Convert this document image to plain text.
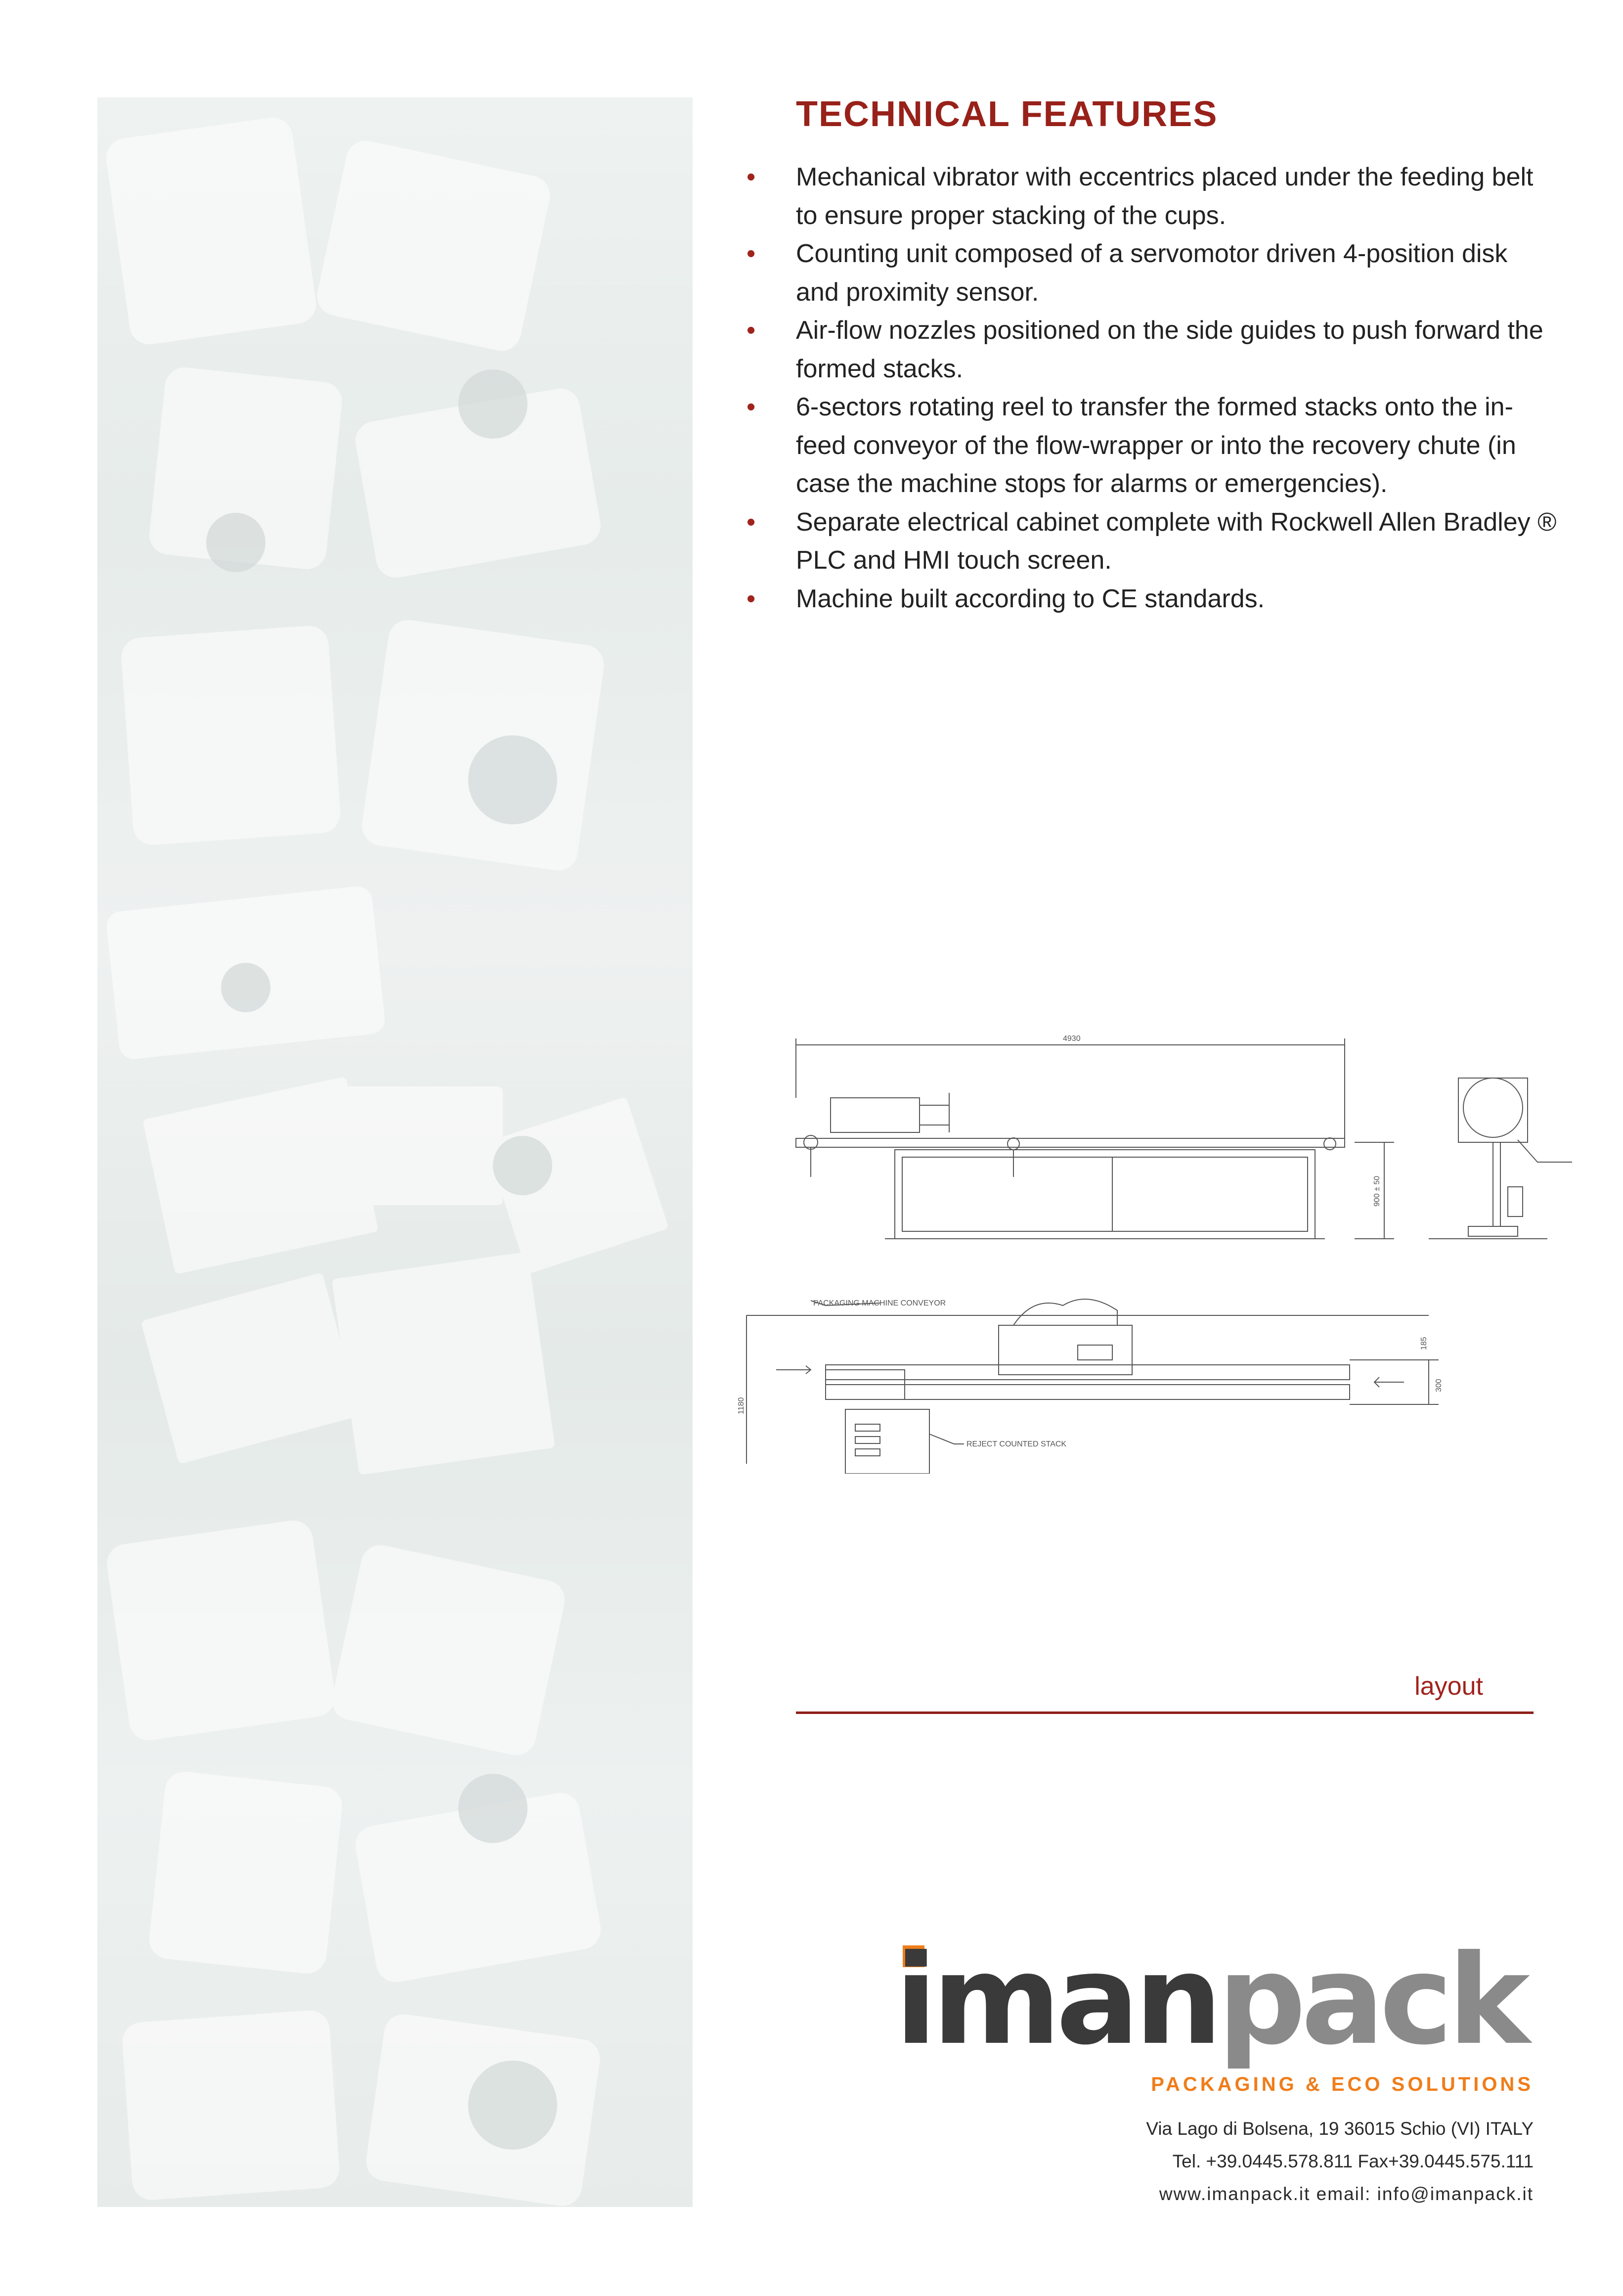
TECHNICAL FEATURES
• Mechanical vibrator with eccentrics placed under the feeding belt to ensure proper stacking of the cups.
• Counting unit composed of a servomotor driven 4-position disk and proximity sensor.
• Air-flow nozzles positioned on the side guides to push forward the formed stacks.
• 6-sectors rotating reel to transfer the formed stacks onto the in-feed conveyor of the flow-wrapper or into the recovery chute (in case the machine stops for alarms or emergencies).
• Separate electrical cabinet complete with Rockwell Allen Bradley ® PLC and HMI touch screen.
• Machine built according to CE standards.
4930
900 ± 50
1180
185
300
PACKAGING MACHINE CONVEYOR
REJECT COUNTED STACK
layout
imanpack
PACKAGING & ECO SOLUTIONS
Via Lago di Bolsena, 19 36015 Schio (VI) ITALY
Tel. +39.0445.578.811 Fax+39.0445.575.111
www.imanpack.it email: info@imanpack.it
